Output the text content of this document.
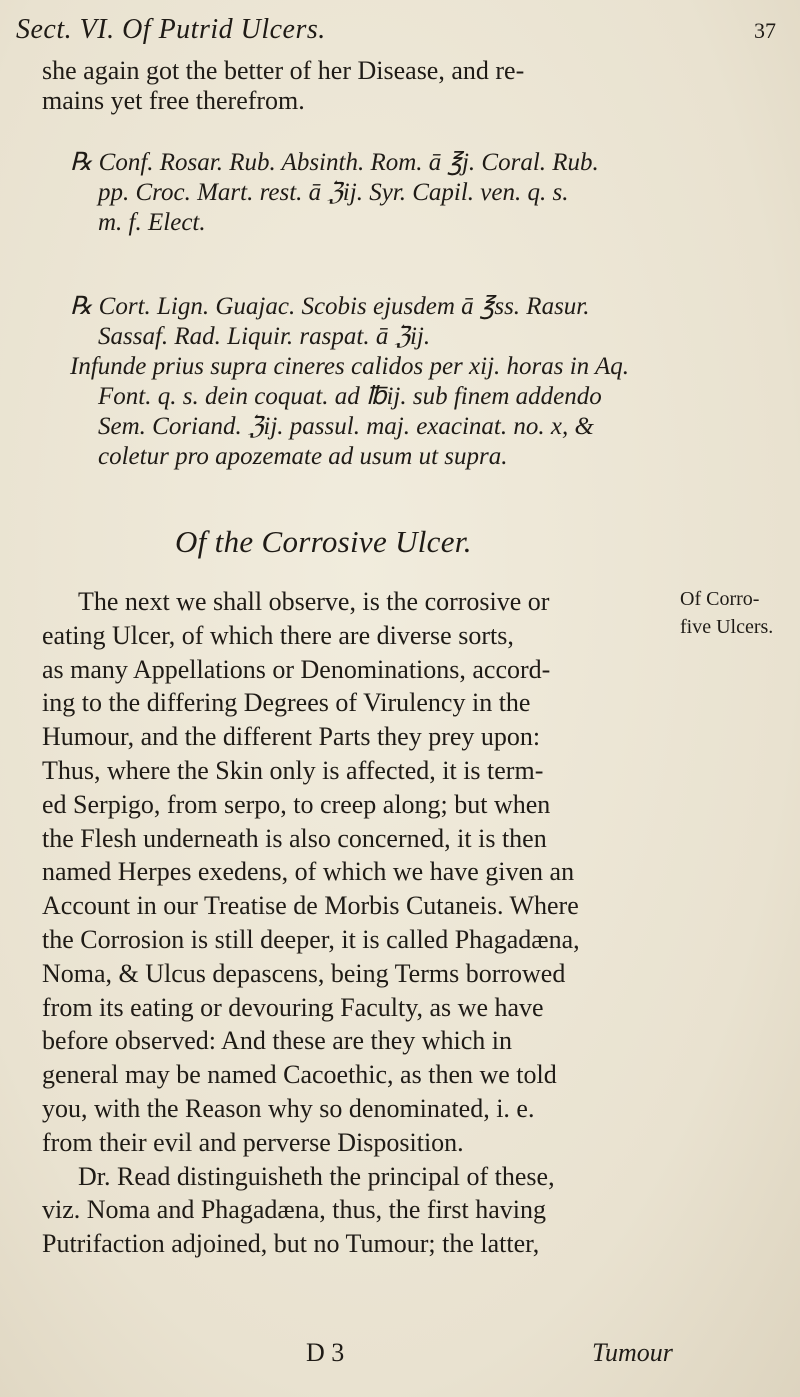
Sect. VI. Of Putrid Ulcers.	37
she again got the better of her Disease, and re-
mains yet free therefrom.
℞ Conf. Rosar. Rub. Absinth. Rom. ā ℥j. Coral. Rub.
pp. Croc. Mart. rest. ā ℨij. Syr. Capil. ven. q. s.
m. f. Elect.
℞ Cort. Lign. Guajac. Scobis ejusdem ā ℥ss. Rasur.
Sassaf. Rad. Liquir. raspat. ā ℨij.
Infunde prius supra cineres calidos per xij. horas in Aq.
Font. q. s. dein coquat. ad ℔ij. sub finem addendo
Sem. Coriand. ℨij. passul. maj. exacinat. no. x, &
coletur pro apozemate ad usum ut supra.
Of the Corrosive Ulcer.
The next we shall observe, is the corrosive or
eating Ulcer, of which there are diverse sorts,
as many Appellations or Denominations, accord-
ing to the differing Degrees of Virulency in the
Humour, and the different Parts they prey upon:
Thus, where the Skin only is affected, it is term-
ed Serpigo, from serpo, to creep along; but when
the Flesh underneath is also concerned, it is then
named Herpes exedens, of which we have given an
Account in our Treatise de Morbis Cutaneis. Where
the Corrosion is still deeper, it is called Phagadæna,
Noma, & Ulcus depascens, being Terms borrowed
from its eating or devouring Faculty, as we have
before observed: And these are they which in
general may be named Cacoethic, as then we told
you, with the Reason why so denominated, i. e.
from their evil and perverse Disposition.
Dr. Read distinguisheth the principal of these,
viz. Noma and Phagadæna, thus, the first having
Putrifaction adjoined, but no Tumour; the latter,
Of Corro-
five Ulcers.
D 3	Tumour
